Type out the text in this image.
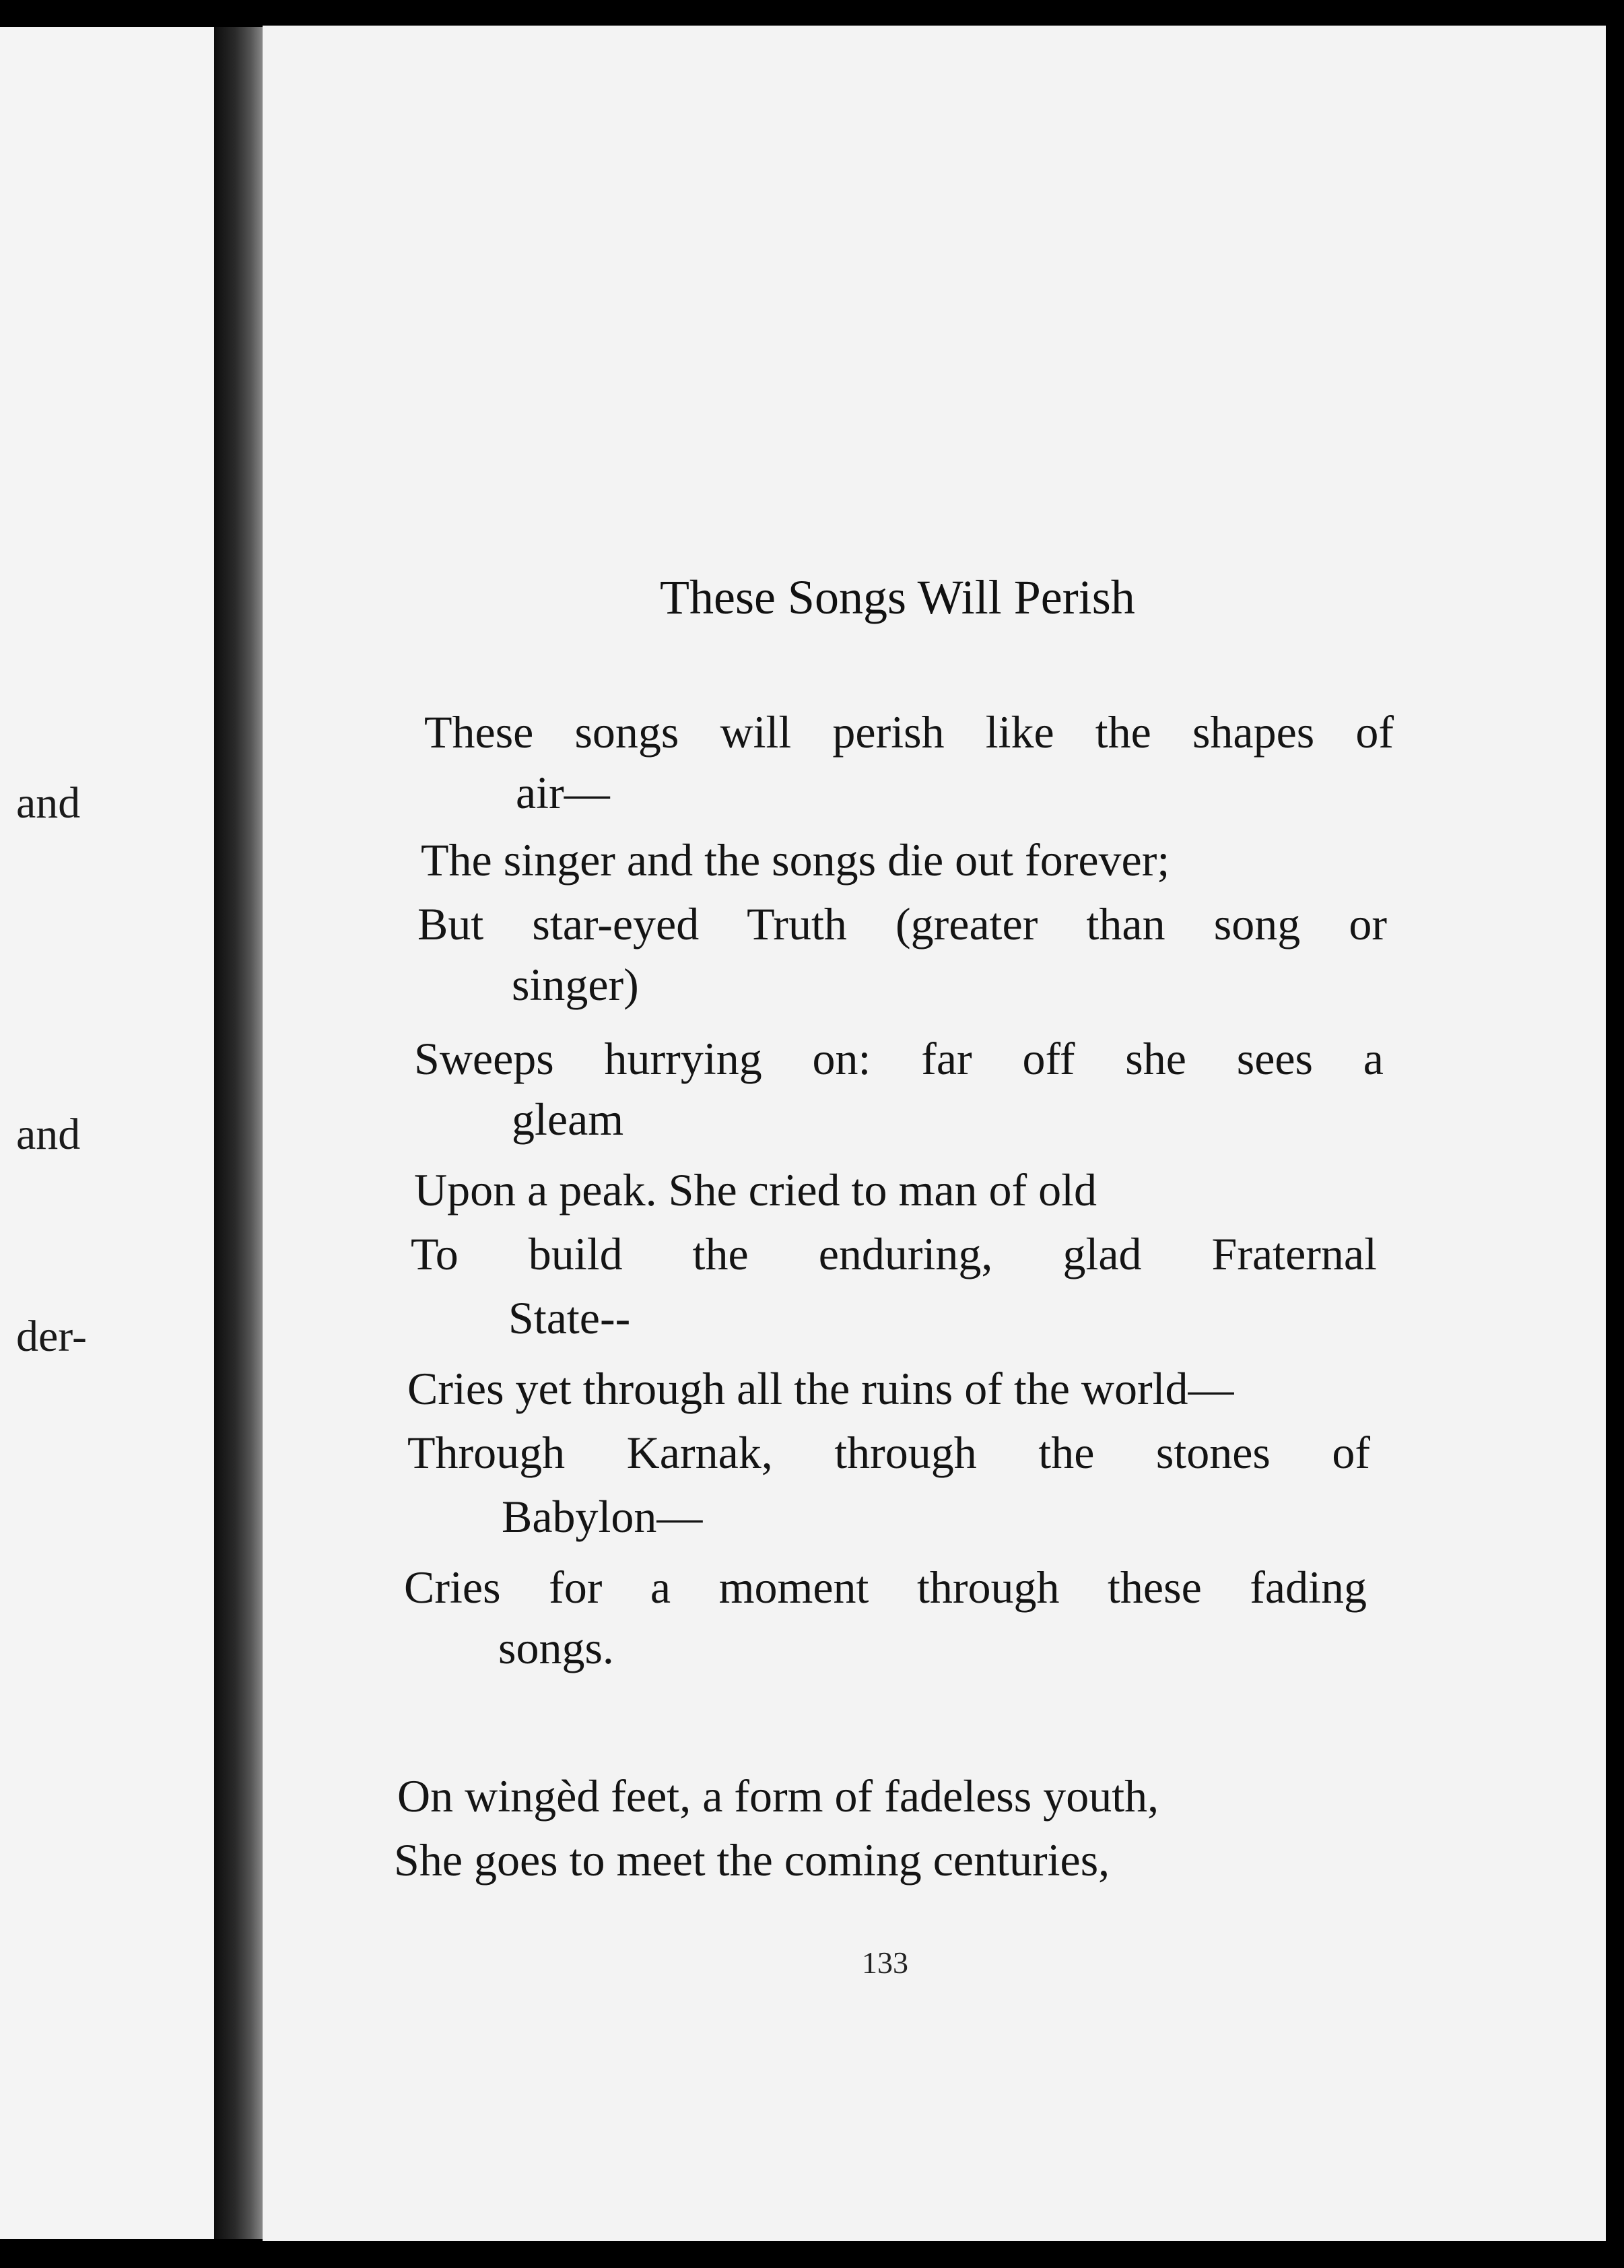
and
and
der-
These Songs Will Perish
These songs will perish like the shapes of
air—
The singer and the songs die out forever;
But star-eyed Truth (greater than song or
singer)
Sweeps hurrying on: far off she sees a
gleam
Upon a peak. She cried to man of old
To build the enduring, glad Fraternal
State--
Cries yet through all the ruins of the world—
Through Karnak, through the stones of
Babylon—
Cries for a moment through these fading
songs.
On wingèd feet, a form of fadeless youth,
She goes to meet the coming centuries,
133
